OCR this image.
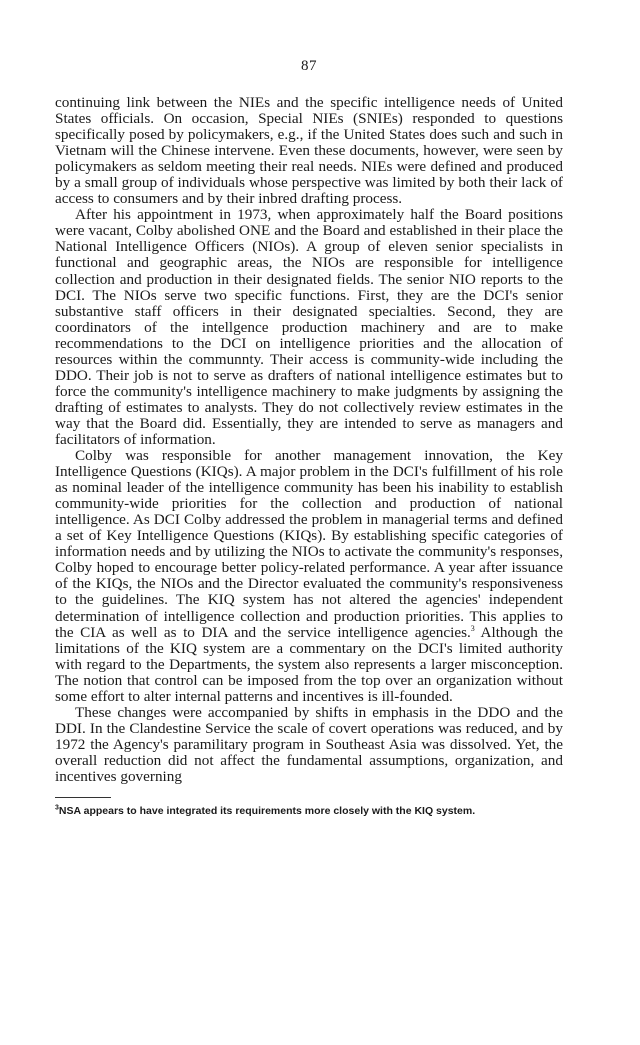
87

continuing link between the NIEs and the specific intelligence needs of United States officials. On occasion, Special NIEs (SNIEs) responded to questions specifically posed by policymakers, e.g., if the United States does such and such in Vietnam will the Chinese intervene. Even these documents, however, were seen by policymakers as seldom meeting their real needs. NIEs were defined and produced by a small group of individuals whose perspective was limited by both their lack of access to consumers and by their inbred drafting process.

After his appointment in 1973, when approximately half the Board positions were vacant, Colby abolished ONE and the Board and established in their place the National Intelligence Officers (NIOs). A group of eleven senior specialists in functional and geographic areas, the NIOs are responsible for intelligence collection and production in their designated fields. The senior NIO reports to the DCI. The NIOs serve two specific functions. First, they are the DCI's senior substantive staff officers in their designated specialties. Second, they are coordinators of the intellgence production machinery and are to make recommendations to the DCI on intelligence priorities and the allocation of resources within the communnty. Their access is community-wide including the DDO. Their job is not to serve as drafters of national intelligence estimates but to force the community's intelligence machinery to make judgments by assigning the drafting of estimates to analysts. They do not collectively review estimates in the way that the Board did. Essentially, they are intended to serve as managers and facilitators of information.

Colby was responsible for another management innovation, the Key Intelligence Questions (KIQs). A major problem in the DCI's fulfillment of his role as nominal leader of the intelligence community has been his inability to establish community-wide priorities for the collection and production of national intelligence. As DCI Colby addressed the problem in managerial terms and defined a set of Key Intelligence Questions (KIQs). By establishing specific categories of information needs and by utilizing the NIOs to activate the community's responses, Colby hoped to encourage better policy-related performance. A year after issuance of the KIQs, the NIOs and the Director evaluated the community's responsiveness to the guidelines. The KIQ system has not altered the agencies' independent determination of intelligence collection and production priorities. This applies to the CIA as well as to DIA and the service intelligence agencies.$^3$ Although the limitations of the KIQ system are a commentary on the DCI's limited authority with regard to the Departments, the system also represents a larger misconception. The notion that control can be imposed from the top over an organization without some effort to alter internal patterns and incentives is ill-founded.

These changes were accompanied by shifts in emphasis in the DDO and the DDI. In the Clandestine Service the scale of covert operations was reduced, and by 1972 the Agency's paramilitary program in Southeast Asia was dissolved. Yet, the overall reduction did not affect the fundamental assumptions, organization, and incentives governing

$^3$NSA appears to have integrated its requirements more closely with the KIQ system.
